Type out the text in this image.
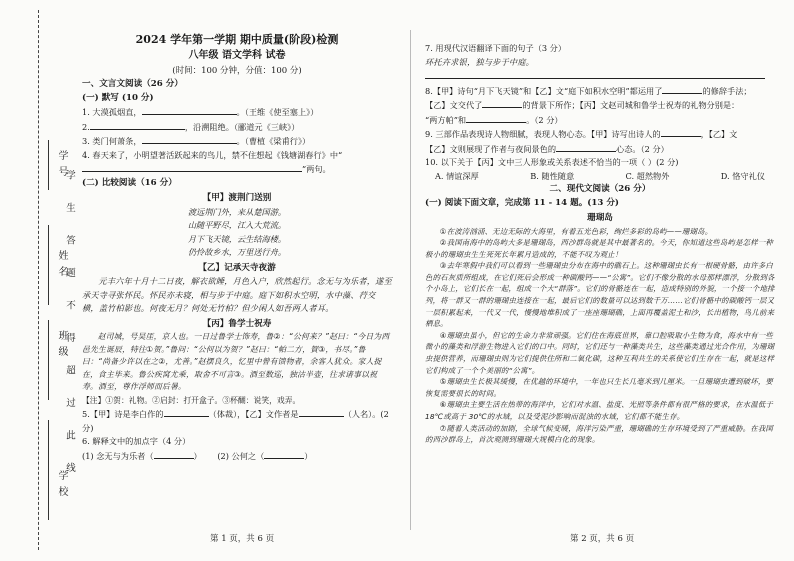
学号
姓名
班级
学校
学 生 答 题 不 得 超 过 此 线
2024 学年第一学期 期中质量(阶段)检测
八年级 语文学科 试卷
(时间：100 分钟，分值：100 分)
一、文言文阅读（26 分）
(一) 默写 (10 分)

1. 大漠孤烟直，	。（王维《使至塞上》）

2.	，沿溯阻绝。（郦道元《三峡》）

3. 类门何萧条，	。（曹植《梁甫行》）

4. 春天来了，小明望著活跃起来的鸟儿，禁不住想起《钱塘湖春行》中“
”两句。

(二) 比较阅读（16 分）
【甲】渡荆门送别
渡远荆门外，来从楚国游。
山随平野尽，江入大荒流。
月下飞天镜，云生结海楼。
仍怜故乡水，万里送行舟。
【乙】记承天寺夜游

元丰六年十月十二日夜，解衣欲睡，月色入户，欣然起行。念无与为乐者，遂至承天寺寻张怀民。怀民亦未寝，相与步于中庭。庭下如积水空明，水中藻、荇交横，盖竹柏影也。何夜无月？何处无竹柏？但少闲人如吾两人者耳。

【丙】鲁学士祝寿

赵司城，号吴厓，京人也。一日过鲁学士饰寿，鲁②：“公何来？”赵曰：“今日为西邑先生诞辰，特往①贺。”鲁问：“公何以为贺？”赵曰：“帕二方，賀③，书尽。”鲁曰：“尚备少许以在之②，尤善。”赵摆良久，忆里中曾有馈物者，余客人犹众。家人捉在，食主毕来。鲁公疾窝尤乘，取舍不可言③。酒至数巡，独沽半壶，往求诸事以祝寿。酒至，尊作浮师而后暑。

【注】①贺：礼物。②启封：打开盒子。③杯醐：说笑，戏弄。

5.【甲】诗是李白作的	（体裁），【乙】文作者是	（人名）。(2 分)

6. 解释文中的加点字（4 分）

(1) 念无与为乐者（	） (2) 公何之（	）

第 1 页，共 6 页

7. 用现代汉语翻译下面的句子（3 分）

环托卉求银，独与步于中庭。

8.【甲】诗句“月下飞天镜”和【乙】文“庭下如积水空明”都运用了	的修辞手法；

【乙】文交代了	的背景下所作；【丙】文赵司城和鲁学士祝寿的礼物分别是：

“两方帕”和	。（2 分）

9. 三部作品表现诗人物细腻，表现人物心态。【甲】诗写出诗人的	，【乙】文

【乙】文则展现了作者与夜间景色的	心态。（2 分）

10. 以下关于【丙】文中三人形象或关系表述不恰当的一项（ ）(2 分)

A. 情谊深厚	B. 随性随意	C. 超然物外	D. 恪守礼仪

二、现代文阅读（26 分）
(一) 阅读下面文章，完成第 11 - 14 题。(13 分)
珊瑚岛

①在波涛汹涌、无边无际的大海里，有着五光色彩，绚烂多彩的岛屿——珊瑚岛。

②我国南海中的岛屿大多是珊瑚岛，西沙群岛就是其中最著名的。今天，你知道这些岛屿是怎样一种极小的珊瑚虫生生死死长年累月造成的，不能不叹为观止！

③去年寒假中我们可以看到一些珊瑚虫分布在海中的礁石上。这种珊瑚虫长有一根硬骨骼，由许多白色的石灰质所组成，在它们死后会形成一种碳酸钙——“公寓”。它们不像分散的水母那样漂浮，分散到各个小岛上，它们长在一起，组成一个大“群落”。它们的骨骼连在一起，造成特别的外貌，一个接一个地排列，将一群又一群的珊瑚虫连接在一起，最后它们的数量可以达到数千万……它们骨骼中的碳酸钙一层又一层积累起来，一代又一代，慢慢地堆积成了一座座珊瑚礁，上面再覆盖泥土和沙，长出植物，鸟儿前来栖息。

④珊瑚虫虽小，但它的生命力非常顽强。它们住在海底世界，靠口腔吸取小生物为食，海水中有一些微小的藻类和浮游生物进入它们的口中。同时，它们还与一种藻类共生，这些藻类通过光合作用，为珊瑚虫提供营养，而珊瑚虫则为它们提供住所和二氧化碳，这种互利共生的关系使它们生存在一起，就是这样它们构成了一个个美丽的“公寓”。

⑤珊瑚虫生长极其缓慢，在优越的环境中，一年也只生长几毫米到几厘米。一旦珊瑚虫遭到破坏，要恢复需要很长的时间。

⑥珊瑚虫主要生活在热带的海洋中，它们对水温、盐度、光照等条件都有很严格的要求，在水温低于 18℃或高于 30℃的水域，以及受泥沙影响而混浊的水域，它们都不能生存。

⑦随着人类活动的加剧，全球气候变暖，海洋污染严重，珊瑚礁的生存环境受到了严重威胁。在我国的西沙群岛上，首次观测到珊瑚大规模白化的现象。

第 2 页，共 6 页
